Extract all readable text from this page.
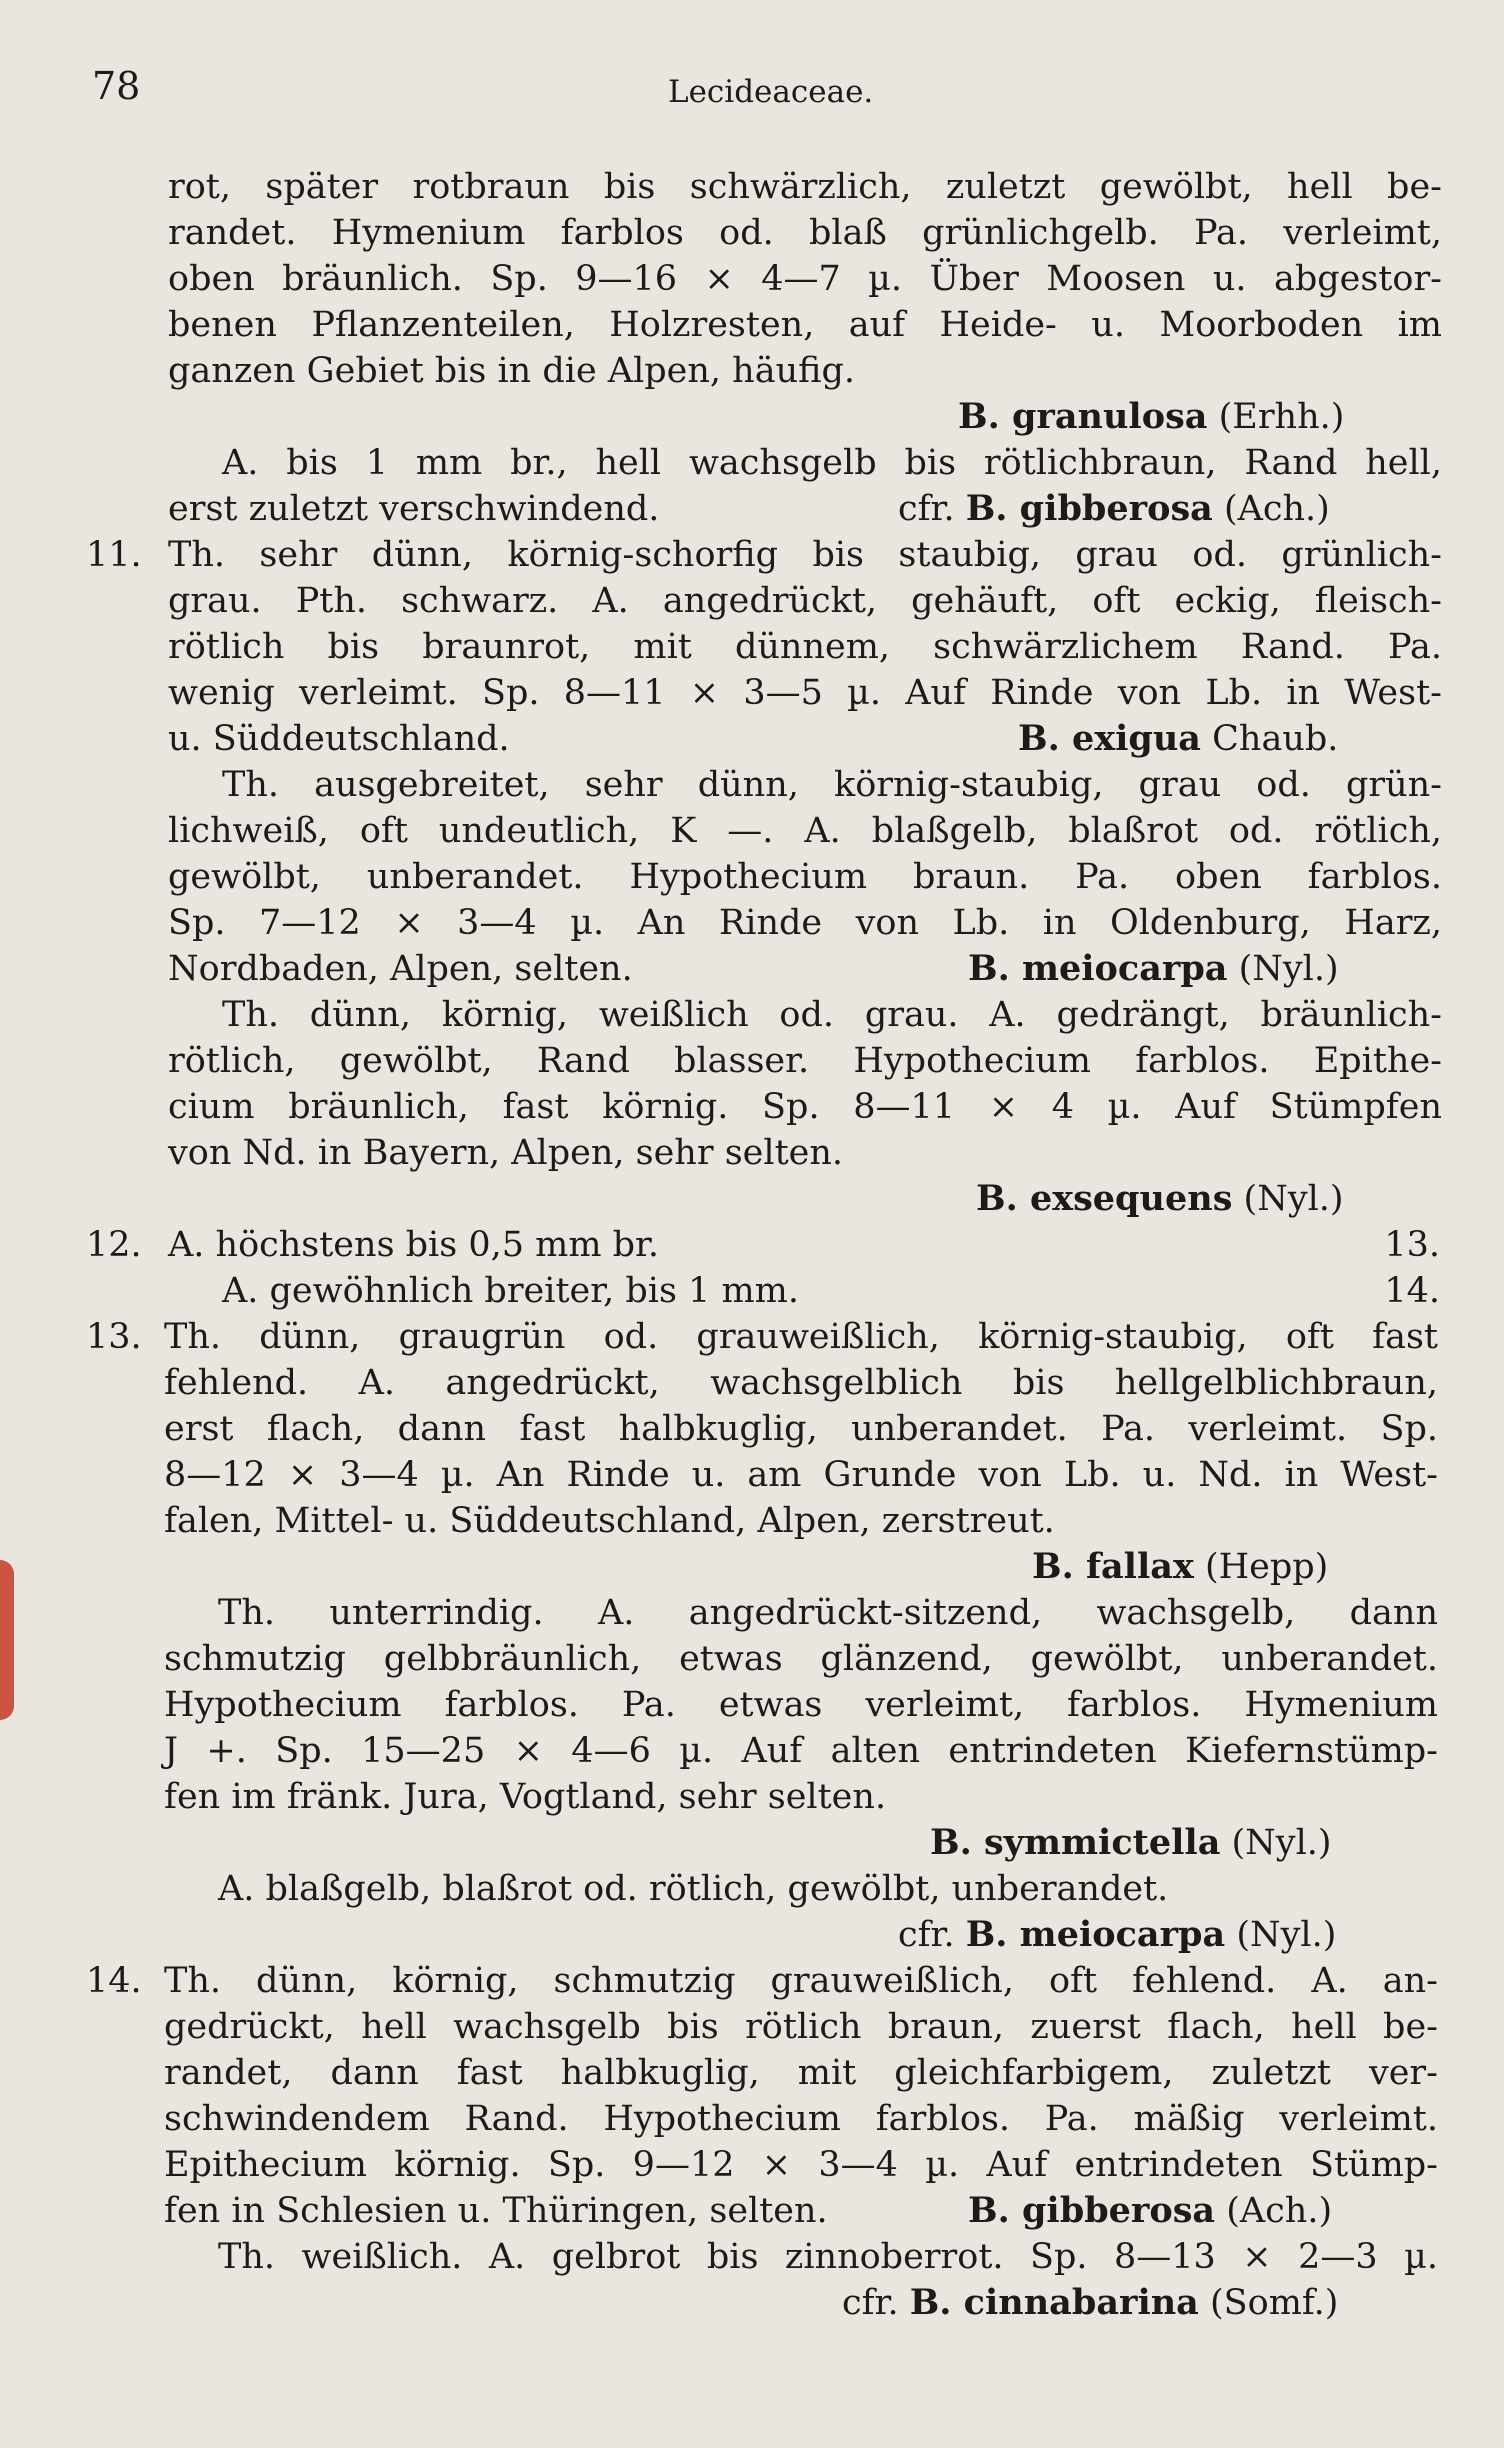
78	Lecideaceae.
rot, später rotbraun bis schwärzlich, zuletzt gewölbt, hell be-
randet. Hymenium farblos od. blaß grünlichgelb. Pa. verleimt,
oben bräunlich. Sp. 9—16 × 4—7 µ. Über Moosen u. abgestor-
benen Pflanzenteilen, Holzresten, auf Heide- u. Moorboden im
ganzen Gebiet bis in die Alpen, häufig.
B. granulosa (Erhh.)
A. bis 1 mm br., hell wachsgelb bis rötlichbraun, Rand hell,
erst zuletzt verschwindend.	cfr. B. gibberosa (Ach.)
11. Th. sehr dünn, körnig-schorfig bis staubig, grau od. grünlich-
grau. Pth. schwarz. A. angedrückt, gehäuft, oft eckig, fleisch-
rötlich bis braunrot, mit dünnem, schwärzlichem Rand. Pa.
wenig verleimt. Sp. 8—11 × 3—5 µ. Auf Rinde von Lb. in West-
u. Süddeutschland.	B. exigua Chaub.
Th. ausgebreitet, sehr dünn, körnig-staubig, grau od. grün-
lichweiß, oft undeutlich, K —. A. blaßgelb, blaßrot od. rötlich,
gewölbt, unberandet. Hypothecium braun. Pa. oben farblos.
Sp. 7—12 × 3—4 µ. An Rinde von Lb. in Oldenburg, Harz,
Nordbaden, Alpen, selten.	B. meiocarpa (Nyl.)
Th. dünn, körnig, weißlich od. grau. A. gedrängt, bräunlich-
rötlich, gewölbt, Rand blasser. Hypothecium farblos. Epithe-
cium bräunlich, fast körnig. Sp. 8—11 × 4 µ. Auf Stümpfen
von Nd. in Bayern, Alpen, sehr selten.
B. exsequens (Nyl.)
12. A. höchstens bis 0,5 mm br.	13.
A. gewöhnlich breiter, bis 1 mm.	14.
13. Th. dünn, graugrün od. grauweißlich, körnig-staubig, oft fast
fehlend. A. angedrückt, wachsgelblich bis hellgelblichbraun,
erst flach, dann fast halbkuglig, unberandet. Pa. verleimt. Sp.
8—12 × 3—4 µ. An Rinde u. am Grunde von Lb. u. Nd. in West-
falen, Mittel- u. Süddeutschland, Alpen, zerstreut.
B. fallax (Hepp)
Th. unterrindig. A. angedrückt-sitzend, wachsgelb, dann
schmutzig gelbbräunlich, etwas glänzend, gewölbt, unberandet.
Hypothecium farblos. Pa. etwas verleimt, farblos. Hymenium
J +. Sp. 15—25 × 4—6 µ. Auf alten entrindeten Kiefernstümp-
fen im fränk. Jura, Vogtland, sehr selten.
B. symmictella (Nyl.)
A. blaßgelb, blaßrot od. rötlich, gewölbt, unberandet.
cfr. B. meiocarpa (Nyl.)
14. Th. dünn, körnig, schmutzig grauweißlich, oft fehlend. A. an-
gedrückt, hell wachsgelb bis rötlich braun, zuerst flach, hell be-
randet, dann fast halbkuglig, mit gleichfarbigem, zuletzt ver-
schwindendem Rand. Hypothecium farblos. Pa. mäßig verleimt.
Epithecium körnig. Sp. 9—12 × 3—4 µ. Auf entrindeten Stümp-
fen in Schlesien u. Thüringen, selten.	B. gibberosa (Ach.)
Th. weißlich. A. gelbrot bis zinnoberrot. Sp. 8—13 × 2—3 µ.
cfr. B. cinnabarina (Somf.)
